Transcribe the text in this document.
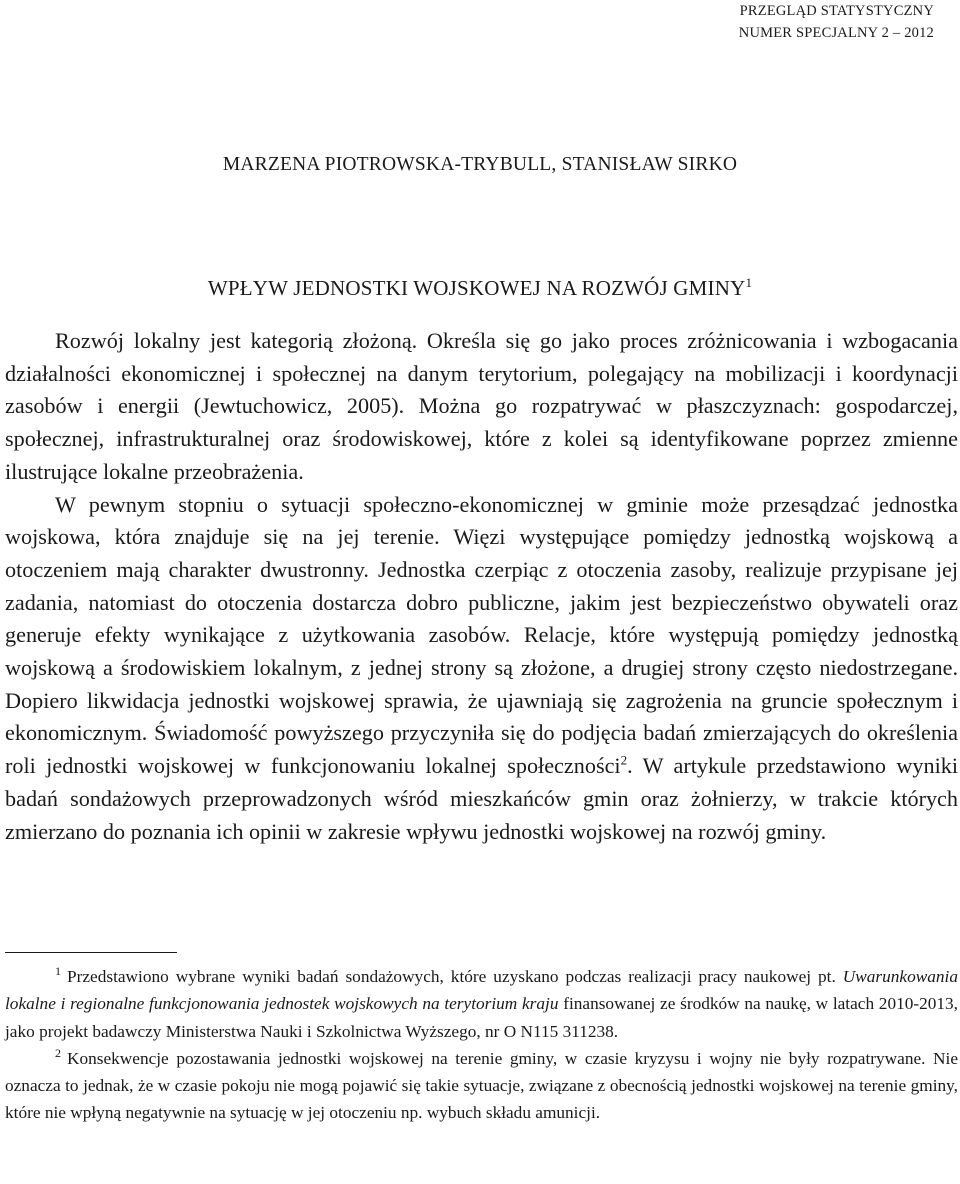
PRZEGLĄD STATYSTYCZNY
NUMER SPECJALNY 2 – 2012
MARZENA PIOTROWSKA-TRYBULL, STANISŁAW SIRKO
WPŁYW JEDNOSTKI WOJSKOWEJ NA ROZWÓJ GMINY$^1$

Rozwój lokalny jest kategorią złożoną. Określa się go jako proces zróżnicowania i wzbogacania działalności ekonomicznej i społecznej na danym terytorium, polegający na mobilizacji i koordynacji zasobów i energii (Jewtuchowicz, 2005). Można go rozpatrywać w płaszczyznach: gospodarczej, społecznej, infrastrukturalnej oraz środowiskowej, które z kolei są identyfikowane poprzez zmienne ilustrujące lokalne przeobrażenia.

W pewnym stopniu o sytuacji społeczno-ekonomicznej w gminie może przesądzać jednostka wojskowa, która znajduje się na jej terenie. Więzi występujące pomiędzy jednostką wojskową a otoczeniem mają charakter dwustronny. Jednostka czerpiąc z otoczenia zasoby, realizuje przypisane jej zadania, natomiast do otoczenia dostarcza dobro publiczne, jakim jest bezpieczeństwo obywateli oraz generuje efekty wynikające z użytkowania zasobów. Relacje, które występują pomiędzy jednostką wojskową a środowiskiem lokalnym, z jednej strony są złożone, a drugiej strony często niedostrzegane. Dopiero likwidacja jednostki wojskowej sprawia, że ujawniają się zagrożenia na gruncie społecznym i ekonomicznym. Świadomość powyższego przyczyniła się do podjęcia badań zmierzających do określenia roli jednostki wojskowej w funkcjonowaniu lokalnej społeczności$^2$. W artykule przedstawiono wyniki badań sondażowych przeprowadzonych wśród mieszkańców gmin oraz żołnierzy, w trakcie których zmierzano do poznania ich opinii w zakresie wpływu jednostki wojskowej na rozwój gminy.

$^1$ Przedstawiono wybrane wyniki badań sondażowych, które uzyskano podczas realizacji pracy naukowej pt. Uwarunkowania lokalne i regionalne funkcjonowania jednostek wojskowych na terytorium kraju finansowanej ze środków na naukę, w latach 2010-2013, jako projekt badawczy Ministerstwa Nauki i Szkolnictwa Wyższego, nr O N115 311238.

$^2$ Konsekwencje pozostawania jednostki wojskowej na terenie gminy, w czasie kryzysu i wojny nie były rozpatrywane. Nie oznacza to jednak, że w czasie pokoju nie mogą pojawić się takie sytuacje, związane z obecnością jednostki wojskowej na terenie gminy, które nie wpłyną negatywnie na sytuację w jej otoczeniu np. wybuch składu amunicji.
